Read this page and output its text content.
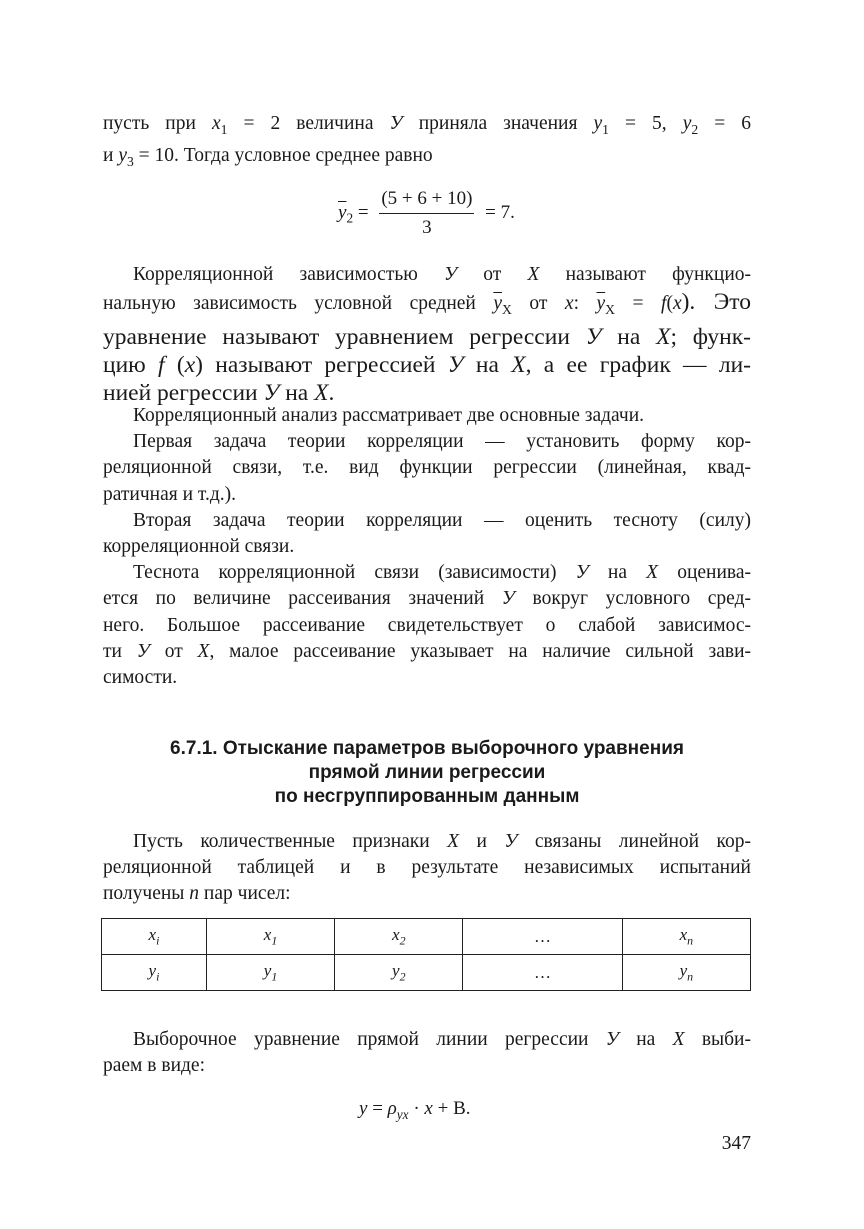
пусть при $x_1 = 2$ величина У приняла значения $y_1 = 5$, $y_2 = 6$
и $y_3 = 10$. Тогда условное среднее равно
$\overline{y}_2 = \frac{(5 + 6 + 10)}{3} = 7$.
Корреляционной зависимостью У от X называют функцио-
нальную зависимость условной средней $\overline{y}_X$ от x: $\overline{y}_X = f(x)$. Это
уравнение называют уравнением регрессии У на X; функ-
цию f (x) называют регрессией У на X, а ее график — ли-
нией регрессии У на X.
Корреляционный анализ рассматривает две основные задачи.
Первая задача теории корреляции — установить форму кор-
реляционной связи, т.е. вид функции регрессии (линейная, квад-
ратичная и т.д.).
Вторая задача теории корреляции — оценить тесноту (силу)
корреляционной связи.
Теснота корреляционной связи (зависимости) У на X оценива-
ется по величине рассеивания значений У вокруг условного сред-
него. Большое рассеивание свидетельствует о слабой зависимос-
ти У от X, малое рассеивание указывает на наличие сильной зави-
симости.
6.7.1. Отыскание параметров выборочного уравнения
прямой линии регрессии
по несгруппированным данным
Пусть количественные признаки X и У связаны линейной кор-
реляционной таблицей и в результате независимых испытаний
получены n пар чисел:
$x_i$	$x_1$	$x_2$	…	$x_n$
$y_i$	$y_1$	$y_2$	…	$y_n$
Выборочное уравнение прямой линии регрессии У на X выби-
раем в виде:
$y = \rho_{yx} \cdot x + B$.
347
